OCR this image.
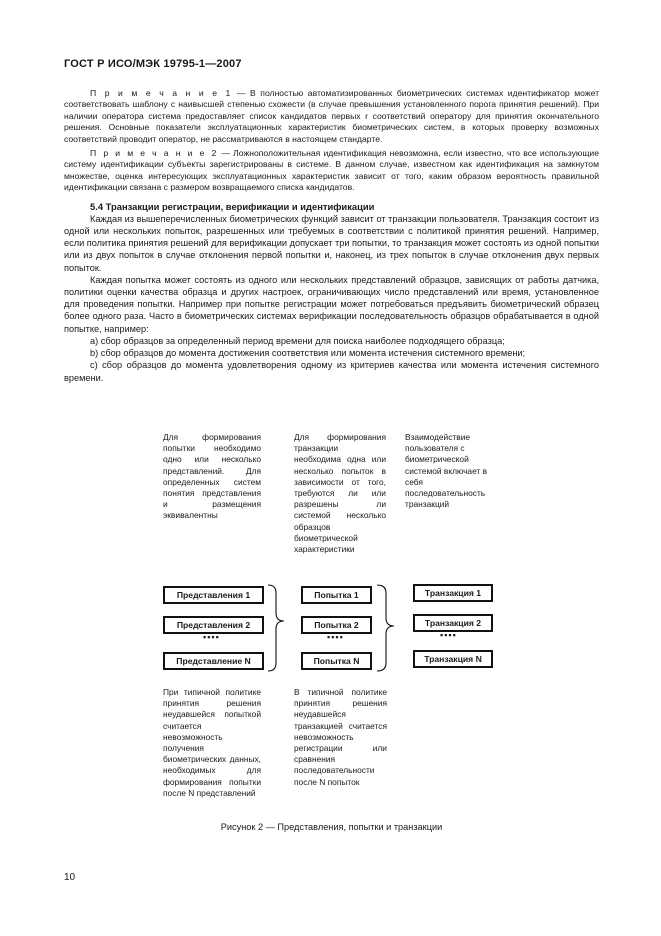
ГОСТ Р ИСО/МЭК 19795-1—2007

П р и м е ч а н и е 1 — В полностью автоматизированных биометрических системах идентификатор может соответствовать шаблону с наивысшей степенью схожести (в случае превышения установленного порога принятия решений). При наличии оператора система предоставляет список кандидатов первых r соответствий оператору для принятия окончательного решения. Основные показатели эксплуатационных характеристик биометрических систем, в которых проверку возможных соответствий проводит оператор, не рассматриваются в настоящем стандарте.

П р и м е ч а н и е 2 — Ложноположительная идентификация невозможна, если известно, что все использующие систему идентификации субъекты зарегистрированы в системе. В данном случае, известном как идентификация на замкнутом множестве, оценка интересующих эксплуатационных характеристик зависит от того, каким образом вероятность правильной идентификации связана с размером возвращаемого списка кандидатов.

5.4 Транзакции регистрации, верификации и идентификации

Каждая из вышеперечисленных биометрических функций зависит от транзакции пользователя. Транзакция состоит из одной или нескольких попыток, разрешенных или требуемых в соответствии с политикой принятия решений. Например, если политика принятия решений для верификации допускает три попытки, то транзакция может состоять из одной попытки или из двух попыток в случае отклонения первой попытки и, наконец, из трех попыток в случае отклонения двух первых попыток.

Каждая попытка может состоять из одного или нескольких представлений образцов, зависящих от работы датчика, политики оценки качества образца и других настроек, ограничивающих число представлений или время, установленное для проведения попытки. Например при попытке регистрации может потребоваться предъявить биометрический образец более одного раза. Часто в биометрических системах верификации последовательность образцов обрабатывается в одной попытке, например:

а) сбор образцов за определенный период времени для поиска наиболее подходящего образца;

b) сбор образцов до момента достижения соответствия или момента истечения системного времени;

с) сбор образцов до момента удовлетворения одному из критериев качества или момента истечения системного времени.

Для формирования попытки необходимо одно или несколько представлений. Для определенных систем понятия представления и размещения эквивалентны
Для формирования транзакции необходима одна или несколько попыток в зависимости от того, требуются ли или разрешены ли системой несколько образцов биометрической характеристики
Взаимодействие пользователя с биометрической системой включает в себя последовательность транзакций
Представления 1
Представления 2
▪▪▪▪
Представление N
Попытка 1
Попытка 2
▪▪▪▪
Попытка N
Транзакция 1
Транзакция 2
▪▪▪▪
Транзакция N
При типичной политике принятия решения неудавшейся попыткой считается невозможность получения биометрических данных, необходимых для формирования попытки после N представлений
В типичной политике принятия решения неудавшейся транзакцией считается невозможность регистрации или сравнения последовательности после N попыток
Рисунок 2 — Представления, попытки и транзакции
10
